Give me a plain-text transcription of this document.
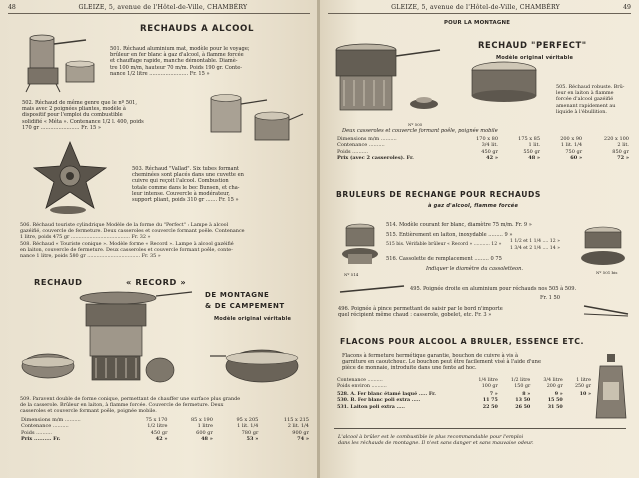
48	GLEIZE, 5, avenue de l'Hôtel-de-Ville, CHAMBÉRY
RECHAUDS A ALCOOL
501. Réchaud aluminium mat, modèle pour le voyage;
brûleur en fer blanc à gaz d'alcool, à flamme forcée
et chauffage rapide, manche démontable. Diamè-
tre 100 m/m, hauteur 70 m/m. Poids 190 gr. Conte-
nance 1/2 litre ........................ Fr. 15 »
502. Réchaud de même genre que le nº 501,
mais avec 2 poignées pliantes, modèle à
dispositif pour l'emploi du combustible
solidifié « Méta ». Contenance 1/2 l. 400, poids
170 gr ........................ Fr. 15 »
503. Réchaud "Vallad". Six tubes formant
cheminées sont placés dans une cuvette en
cuivre qui reçoit l'alcool. Combustion
totale comme dans le bec Bunsen, et cha-
leur intense. Couvercle à modérateur,
support pliant, poids 310 gr ....... Fr. 15 »
506. Réchaud touriste cylindrique Modèle de la forme du "Perfect" : Lampe à alcool
gazéifié, couvercle de fermeture. Deux casseroles et couvercle formant poêle. Contenance
1 litre, poids 475 gr ...................................... Fr. 32 »
508. Réchaud « Touriste conique ». Modèle forme « Record ». Lampe à alcool gazéifié
en laiton, couvercle de fermeture. Deux casseroles et couvercle formant poêle, conte-
nance 1 litre, poids 580 gr .................................. Fr. 35 »
RECHAUD	« RECORD »
DE MONTAGNE
& DE CAMPEMENT
Modèle original véritable
509. Paravent double de forme conique, permettant de chauffer une surface plus grande
de la casserole. Brûleur en laiton, à flamme forcée. Couvercle de fermeture. Deux
casseroles et couvercle formant poêle, poignée mobile.
Dimensions m/m ..........	75 x 170	85 x 190	95 x 205	115 x 215
Contenance ..........	1/2 litre	1 litre	1 lit. 1/4	2 lit. 1/4
Poids ..........	450 gr	600 gr	780 gr	900 gr
Prix .......... Fr.	42 »	48 »	53 »	74 »
GLEIZE, 5, avenue de l'Hôtel-de-Ville, CHAMBÉRY	49
POUR LA MONTAGNE
RECHAUD "PERFECT"
Modèle original véritable
505. Réchaud robuste. Brû-
leur en laiton à flamme
forcée d'alcool gazéifié
amenant rapidement au
liquide à l'ébullition.
Nº 505
Deux casseroles et couvercle formant poêle, poignée mobile
Dimensions m/m ..........	170 x 80	175 x 85	200 x 90	220 x 100
Contenance ..........	3/4 lit.	1 lit.	1 lit. 1/4	2 lit.
Poids ..........	450 gr	550 gr	750 gr	850 gr
Prix (avec 2 casseroles). Fr.	42 »	48 »	60 »	72 »
BRULEURS DE RECHANGE POUR RECHAUDS
à gaz d'alcool, flamme forcée
514. Modèle courant fer blanc, diamètre 75 m/m. Fr. 9 »
515. Entièrement en laiton, inoxydable ......... 9 »
515 bis. Vérifable brûleur « Record » ........... 12 »
1 1/2 et 1 1/4 .... 12 »
1 3/4 et 2 1/4 .... 14 »
516. Cassolette de remplacement ......... 0 75
Indiquer le diamètre du cassoletteon.
Nº 514	Nº 501 bis
495. Poignée droite en aluminium pour réchauds nos 505 à 509.
Fr. 1 50
496. Poignée à pince permettant de saisir par le bord n'importe
quel récipient même chaud : casserole, gobelet, etc. Fr. 3 »
FLACONS POUR ALCOOL A BRULER, ESSENCE ETC.
Flacons à fermeture hermétique garantie, bouchon de cuivre à vis à
garniture en caoutchouc. Le bouchon peut être facilement visé à l'aide d'une
pièce de monnaie, introduite dans une fente ad hoc.
Contenance ..........	1/4 litre	1/2 litre	3/4 litre	1 litre
Poids environ ..........	100 gr	150 gr	200 gr	250 gr
528. A. Fer blanc étamé laqué ..... Fr.	7 »	8 »	9 »	10 »
530. B. Fer blanc poli extra .....	11 75	13 50	15 50	
531. Laiton poli extra .....	22 50	26 50	31 50	
L'alcool à brûler est le combustible le plus recommandable pour l'emploi
dans les réchauds de montagne. Il n'est sans danger et sans mauvaise odeur.
